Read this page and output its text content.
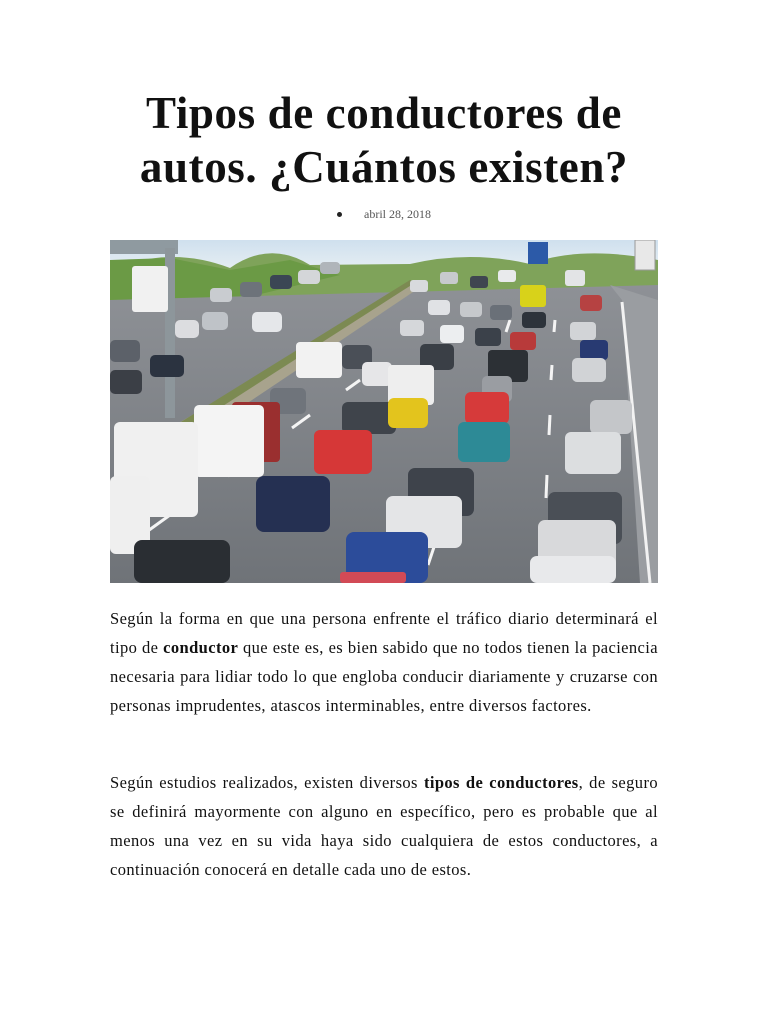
Tipos de conductores de autos. ¿Cuántos existen?
abril 28, 2018

Según la forma en que una persona enfrente el tráfico diario determinará el tipo de conductor que este es, es bien sabido que no todos tienen la paciencia necesaria para lidiar todo lo que engloba conducir diariamente y cruzarse con personas imprudentes, atascos interminables, entre diversos factores.

Según estudios realizados, existen diversos tipos de conductores, de seguro se definirá mayormente con alguno en específico, pero es probable que al menos una vez en su vida haya sido cualquiera de estos conductores, a continuación conocerá en detalle cada uno de estos.
